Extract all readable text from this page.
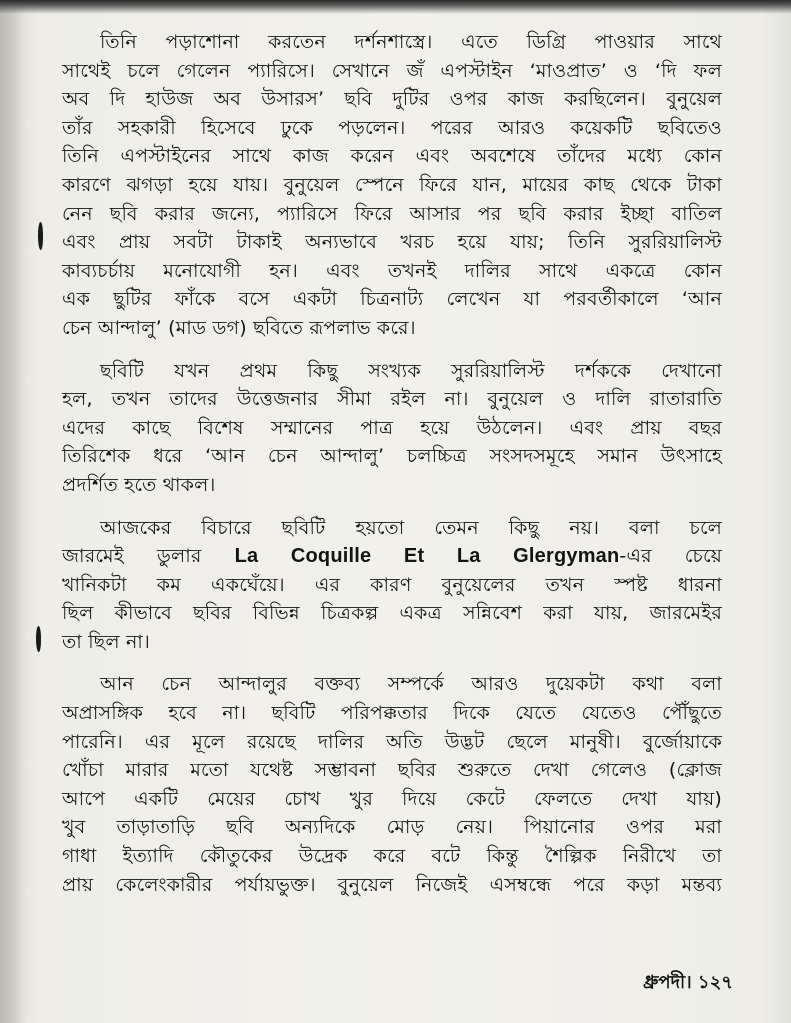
তিনি পড়াশোনা করতেন দর্শনশাস্ত্রে। এতে ডিগ্রি পাওয়ার সাথে
সাথেই চলে গেলেন প্যারিসে। সেখানে জঁ এপস্টাইন ‘মাওপ্রাত’ ও ‘দি ফল
অব দি হাউজ অব উসারস’ ছবি দুটির ওপর কাজ করছিলেন। বুনুয়েল
তাঁর সহকারী হিসেবে ঢুকে পড়লেন। পরের আরও কয়েকটি ছবিতেও
তিনি এপস্টাইনের সাথে কাজ করেন এবং অবশেষে তাঁদের মধ্যে কোন
কারণে ঝগড়া হয়ে যায়। বুনুয়েল স্পেনে ফিরে যান, মায়ের কাছ থেকে টাকা
নেন ছবি করার জন্যে, প্যারিসে ফিরে আসার পর ছবি করার ইচ্ছা বাতিল
এবং প্রায় সবটা টাকাই অন্যভাবে খরচ হয়ে যায়; তিনি সুররিয়ালিস্ট
কাব্যচর্চায় মনোযোগী হন। এবং তখনই দালির সাথে একত্রে কোন
এক ছুটির ফাঁকে বসে একটা চিত্রনাট্য লেখেন যা পরবর্তীকালে ‘আন
চেন আন্দালু’ (মাড ডগ) ছবিতে রূপলাভ করে।
ছবিটি যখন প্রথম কিছু সংখ্যক সুররিয়ালিস্ট দর্শককে দেখানো
হল, তখন তাদের উত্তেজনার সীমা রইল না। বুনুয়েল ও দালি রাতারাতি
এদের কাছে বিশেষ সম্মানের পাত্র হয়ে উঠলেন। এবং প্রায় বছর
তিরিশেক ধরে ‘আন চেন আন্দালু’ চলচ্চিত্র সংসদসমূহে সমান উৎসাহে
প্রদর্শিত হতে থাকল।
আজকের বিচারে ছবিটি হয়তো তেমন কিছু নয়। বলা চলে
জারমেই ডুলার La Coquille Et La Glergyman-এর চেয়ে
খানিকটা কম একঘেঁয়ে। এর কারণ বুনুয়েলের তখন স্পষ্ট ধারনা
ছিল কীভাবে ছবির বিভিন্ন চিত্রকল্প একত্র সন্নিবেশ করা যায়, জারমেইর
তা ছিল না।
আন চেন আন্দালুর বক্তব্য সম্পর্কে আরও দুয়েকটা কথা বলা
অপ্রাসঙ্গিক হবে না। ছবিটি পরিপক্কতার দিকে যেতে যেতেও পৌঁছুতে
পারেনি। এর মূলে রয়েছে দালির অতি উদ্ভট ছেলে মানুষী। বুর্জোয়াকে
খোঁচা মারার মতো যথেষ্ট সম্ভাবনা ছবির শুরুতে দেখা গেলেও (ক্লোজ
আপে একটি মেয়ের চোখ খুর দিয়ে কেটে ফেলতে দেখা যায়)
খুব তাড়াতাড়ি ছবি অন্যদিকে মোড় নেয়। পিয়ানোর ওপর মরা
গাধা ইত্যাদি কৌতুকের উদ্রেক করে বটে কিন্তু শৈল্পিক নিরীখে তা
প্রায় কেলেংকারীর পর্যায়ভুক্ত। বুনুয়েল নিজেই এসম্বন্ধে পরে কড়া মন্তব্য
ধ্রুপদী। ১২৭
